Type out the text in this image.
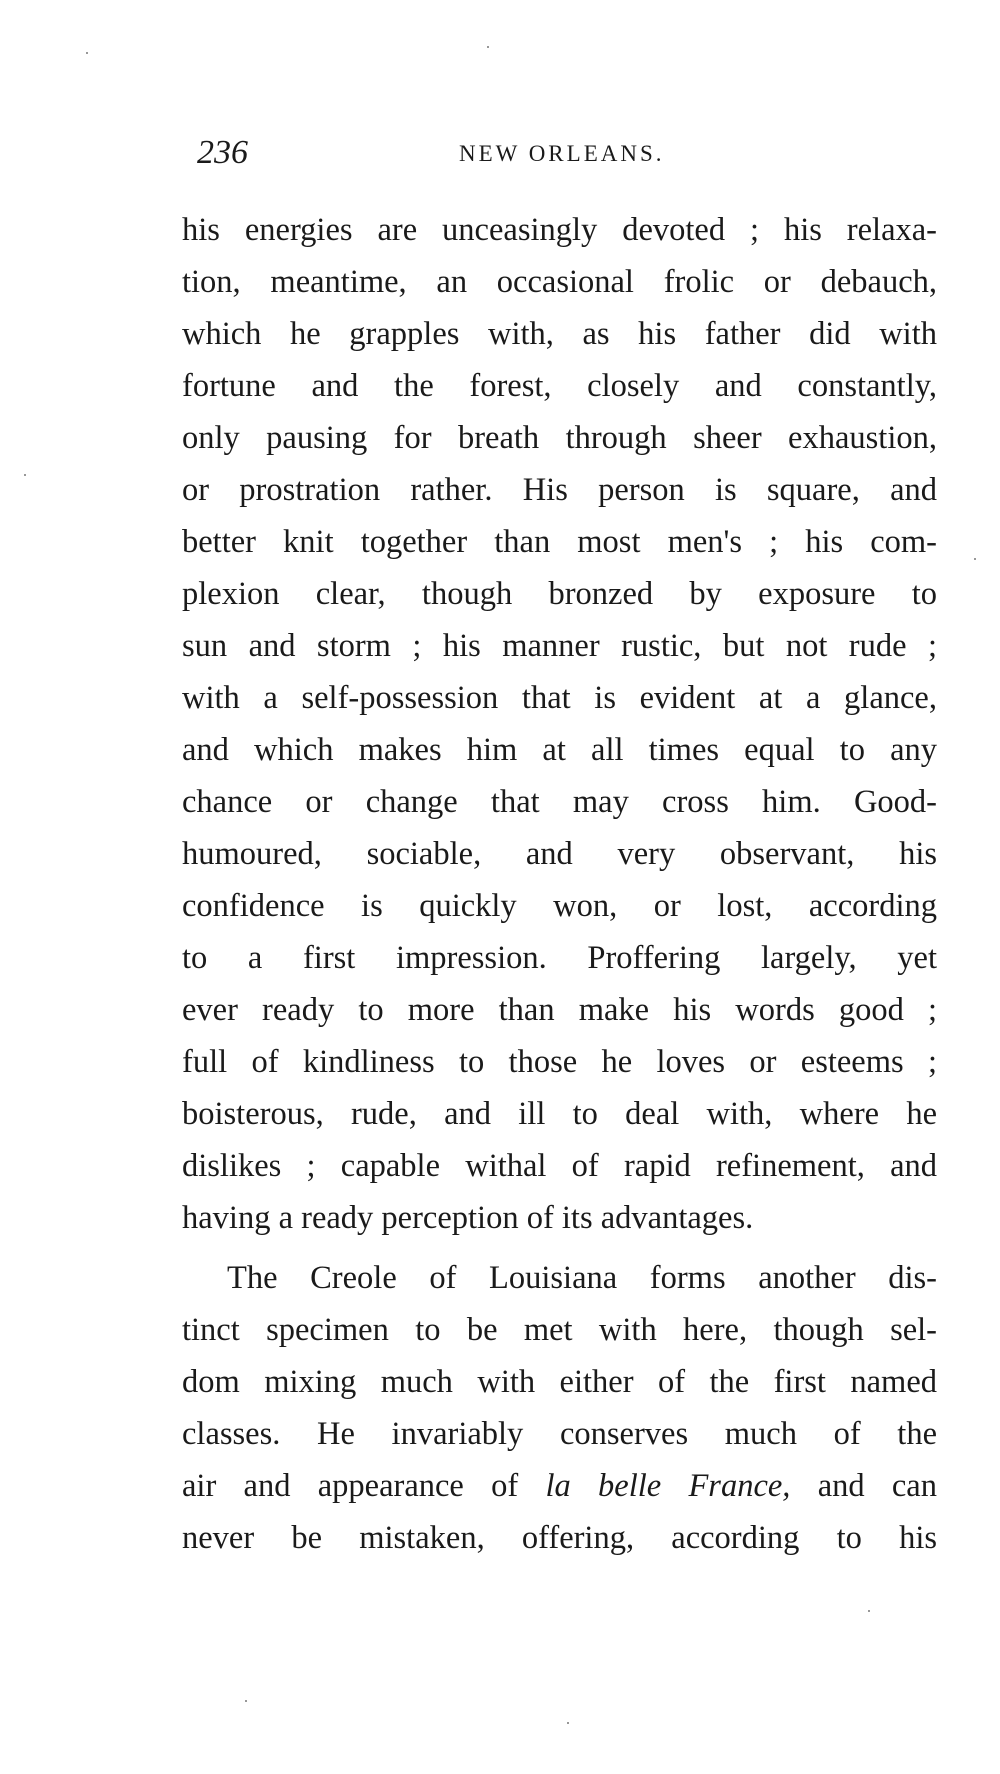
236	NEW ORLEANS.
his energies are unceasingly devoted ; his relaxa-
tion, meantime, an occasional frolic or debauch,
which he grapples with, as his father did with
fortune and the forest, closely and constantly,
only pausing for breath through sheer exhaustion,
or prostration rather. His person is square, and
better knit together than most men's ; his com-
plexion clear, though bronzed by exposure to
sun and storm ; his manner rustic, but not rude ;
with a self-possession that is evident at a glance,
and which makes him at all times equal to any
chance or change that may cross him. Good-
humoured, sociable, and very observant, his
confidence is quickly won, or lost, according
to a first impression. Proffering largely, yet
ever ready to more than make his words good ;
full of kindliness to those he loves or esteems ;
boisterous, rude, and ill to deal with, where he
dislikes ; capable withal of rapid refinement, and
having a ready perception of its advantages.
The Creole of Louisiana forms another dis-
tinct specimen to be met with here, though sel-
dom mixing much with either of the first named
classes. He invariably conserves much of the
air and appearance of la belle France, and can
never be mistaken, offering, according to his
